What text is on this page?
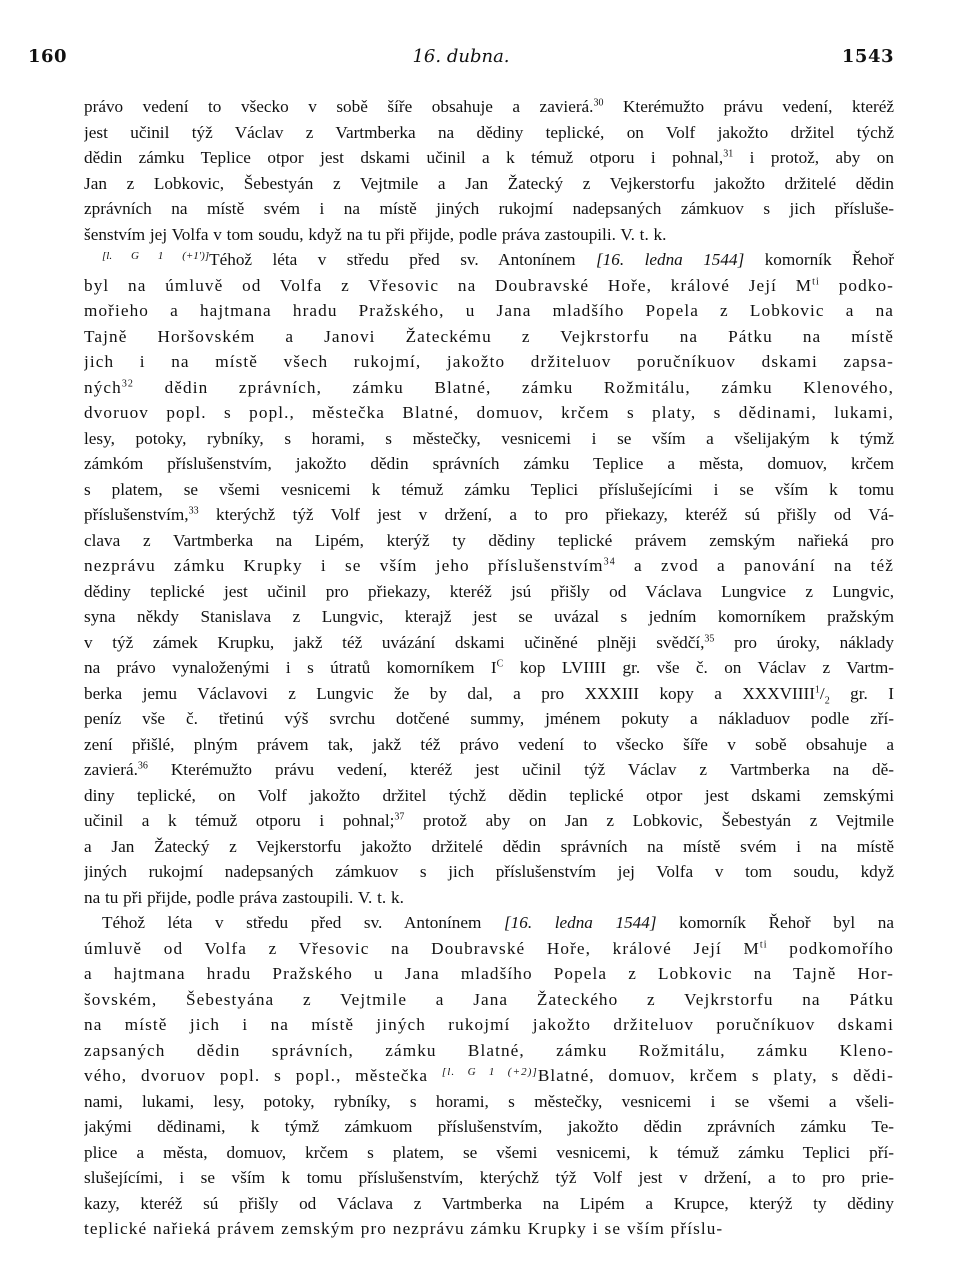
16. dubna.
160	1543
právo vedení to všecko v sobě šíře obsahuje a zavierá.$^{30}$ Kterémužto právu vedení, kteréž
jest učinil týž Václav z Vartmberka na dědiny teplické, on Volf jakožto držitel týchž
dědin zámku Teplice otpor jest dskami učinil a k témuž otporu i pohnal,$^{31}$ i protož, aby on
Jan z Lobkovic, Šebestyán z Vejtmile a Jan Žatecký z Vejkerstorfu jakožto držitelé dědin
zprávních na místě svém i na místě jiných rukojmí nadepsaných zámkuov s jich přísluše-
šenstvím jej Volfa v tom soudu, když na tu při přijde, podle práva zastoupili. V. t. k.
[l. G 1 (+1')]Téhož léta v středu před sv. Antonínem [16. ledna 1544] komorník Řehoř
byl na úmluvě od Volfa z Vřesovic na Doubravské Hoře, králové Její $M^{ti}$ podko-
mořieho a hajtmana hradu Pražského, u Jana mladšího Popela z Lobkovic a na
Tajně Horšovském a Janovi Žateckému z Vejkrstorfu na Pátku na místě
jich i na místě všech rukojmí, jakožto držiteluov poručníkuov dskami zapsa-
ných$^{32}$ dědin zprávních, zámku Blatné, zámku Rožmitálu, zámku Klenového,
dvoruov popl. s popl., městečka Blatné, domuov, krčem s platy, s dědinami, lukami,
lesy, potoky, rybníky, s horami, s městečky, vesnicemi i se vším a všelijakým k týmž
zámkóm příslušenstvím, jakožto dědin správních zámku Teplice a města, domuov, krčem
s platem, se všemi vesnicemi k témuž zámku Teplici příslušejícími i se vším k tomu
příslušenstvím,$^{33}$ kterýchž týž Volf jest v držení, a to pro přiekazy, kteréž sú přišly od Vá-
clava z Vartmberka na Lipém, kterýž ty dědiny teplické právem zemským nařieká pro
nezprávu zámku Krupky i se vším jeho příslušenstvím$^{34}$ a zvod a panování na též
dědiny teplické jest učinil pro přiekazy, kteréž jsú přišly od Václava Lungvice z Lungvic,
syna někdy Stanislava z Lungvic, kterajž jest se uvázal s jedním komorníkem pražským
v týž zámek Krupku, jakž též uvázání dskami učiněné plněji svědčí,$^{35}$ pro úroky, náklady
na právo vynaloženými i s útratů komorníkem $I^C$ kop LVIIII gr. vše č. on Václav z Vartm-
berka jemu Václavovi z Lungvic že by dal, a pro XXXIII kopy a $XXXVIIII^1/_2$ gr. I
peníz vše č. třetinú výš svrchu dotčené summy, jménem pokuty a nákladuov podle zří-
zení přišlé, plným právem tak, jakž též právo vedení to všecko šíře v sobě obsahuje a
zavierá.$^{36}$ Kterémužto právu vedení, kteréž jest učinil týž Václav z Vartmberka na dě-
diny teplické, on Volf jakožto držitel týchž dědin teplické otpor jest dskami zemskými
učinil a k témuž otporu i pohnal;$^{37}$ protož aby on Jan z Lobkovic, Šebestyán z Vejtmile
a Jan Žatecký z Vejkerstorfu jakožto držitelé dědin správních na místě svém i na místě
jiných rukojmí nadepsaných zámkuov s jich příslušenstvím jej Volfa v tom soudu, když
na tu při přijde, podle práva zastoupili. V. t. k.
Téhož léta v středu před sv. Antonínem [16. ledna 1544] komorník Řehoř byl na
úmluvě od Volfa z Vřesovic na Doubravské Hoře, králové Její $M^{ti}$ podkomořího
a hajtmana hradu Pražského u Jana mladšího Popela z Lobkovic na Tajně Hor-
šovském, Šebestyána z Vejtmile a Jana Žateckého z Vejkrstorfu na Pátku
na místě jich i na místě jiných rukojmí jakožto držiteluov poručníkuov dskami
zapsaných dědin správních, zámku Blatné, zámku Rožmitálu, zámku Kleno-
vého, dvoruov popl. s popl., městečka [l. G 1 (+2)]Blatné, domuov, krčem s platy, s dědi-
nami, lukami, lesy, potoky, rybníky, s horami, s městečky, vesnicemi i se všemi a všeli-
jakými dědinami, k týmž zámkuom příslušenstvím, jakožto dědin zprávních zámku Te-
plice a města, domuov, krčem s platem, se všemi vesnicemi, k témuž zámku Teplici pří-
slušejícími, i se vším k tomu příslušenstvím, kterýchž týž Volf jest v držení, a to pro prie-
kazy, kteréž sú přišly od Václava z Vartmberka na Lipém a Krupce, kterýž ty dědiny
teplické nařieká právem zemským pro nezprávu zámku Krupky i se vším příslu-
